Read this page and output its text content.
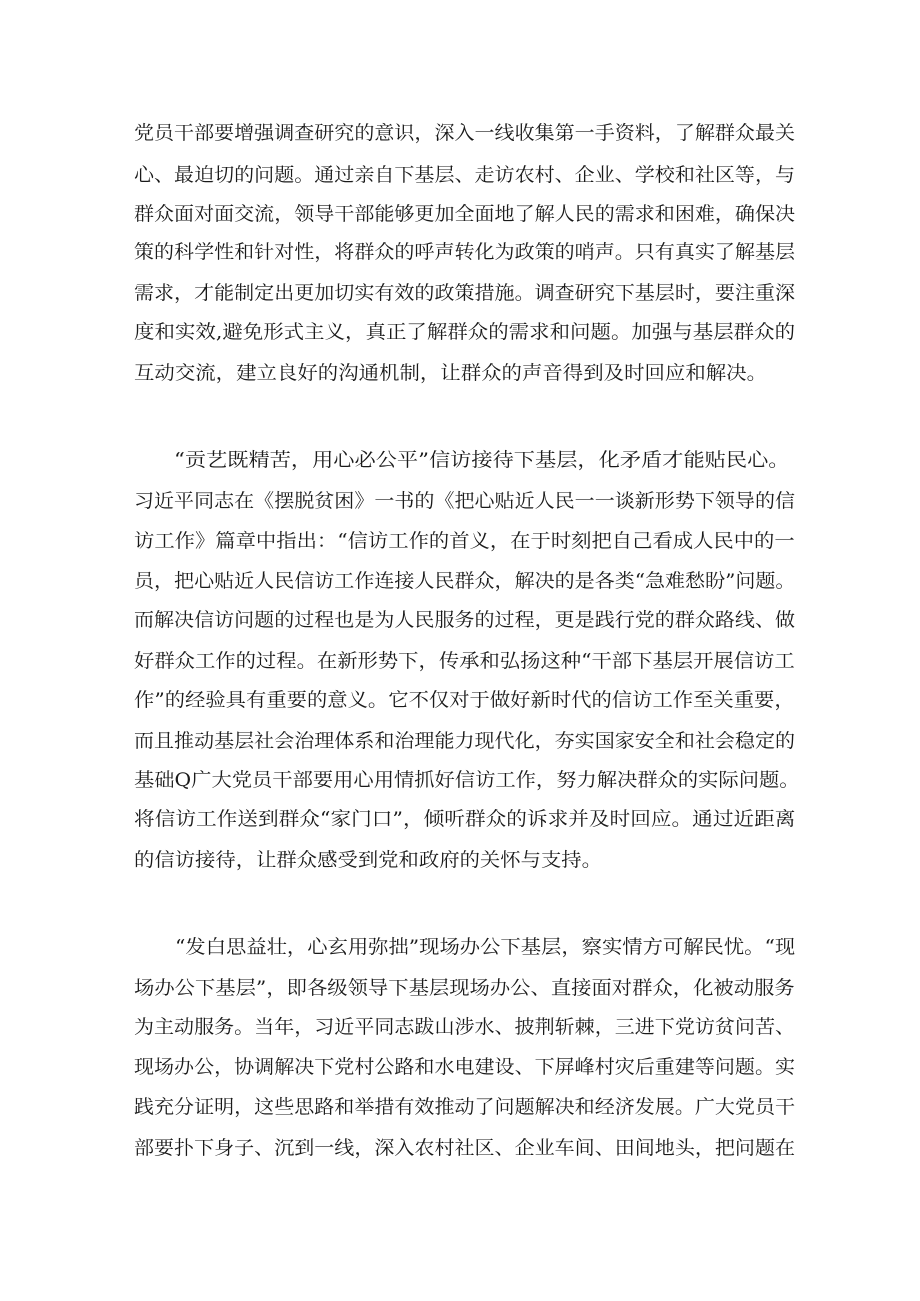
党员干部要增强调查研究的意识，深入一线收集第一手资料，了解群众最关
心、最迫切的问题。通过亲自下基层、走访农村、企业、学校和社区等，与
群众面对面交流，领导干部能够更加全面地了解人民的需求和困难，确保决
策的科学性和针对性，将群众的呼声转化为政策的哨声。只有真实了解基层
需求，才能制定出更加切实有效的政策措施。调查研究下基层时，要注重深
度和实效,避免形式主义，真正了解群众的需求和问题。加强与基层群众的
互动交流，建立良好的沟通机制，让群众的声音得到及时回应和解决。
“贡艺既精苦，用心必公平”信访接待下基层，化矛盾才能贴民心。
习近平同志在《摆脱贫困》一书的《把心贴近人民一一谈新形势下领导的信
访工作》篇章中指出：“信访工作的首义，在于时刻把自己看成人民中的一
员，把心贴近人民信访工作连接人民群众，解决的是各类“急难愁盼”问题。
而解决信访问题的过程也是为人民服务的过程，更是践行党的群众路线、做
好群众工作的过程。在新形势下，传承和弘扬这种“干部下基层开展信访工
作”的经验具有重要的意义。它不仅对于做好新时代的信访工作至关重要，
而且推动基层社会治理体系和治理能力现代化，夯实国家安全和社会稳定的
基础Q广大党员干部要用心用情抓好信访工作，努力解决群众的实际问题。
将信访工作送到群众“家门口”，倾听群众的诉求并及时回应。通过近距离
的信访接待，让群众感受到党和政府的关怀与支持。
“发白思益壮，心玄用弥拙”现场办公下基层，察实情方可解民忧。“现
场办公下基层”，即各级领导下基层现场办公、直接面对群众，化被动服务
为主动服务。当年，习近平同志跋山涉水、披荆斩棘，三进下党访贫问苦、
现场办公，协调解决下党村公路和水电建设、下屏峰村灾后重建等问题。实
践充分证明，这些思路和举措有效推动了问题解决和经济发展。广大党员干
部要扑下身子、沉到一线，深入农村社区、企业车间、田间地头，把问题在
